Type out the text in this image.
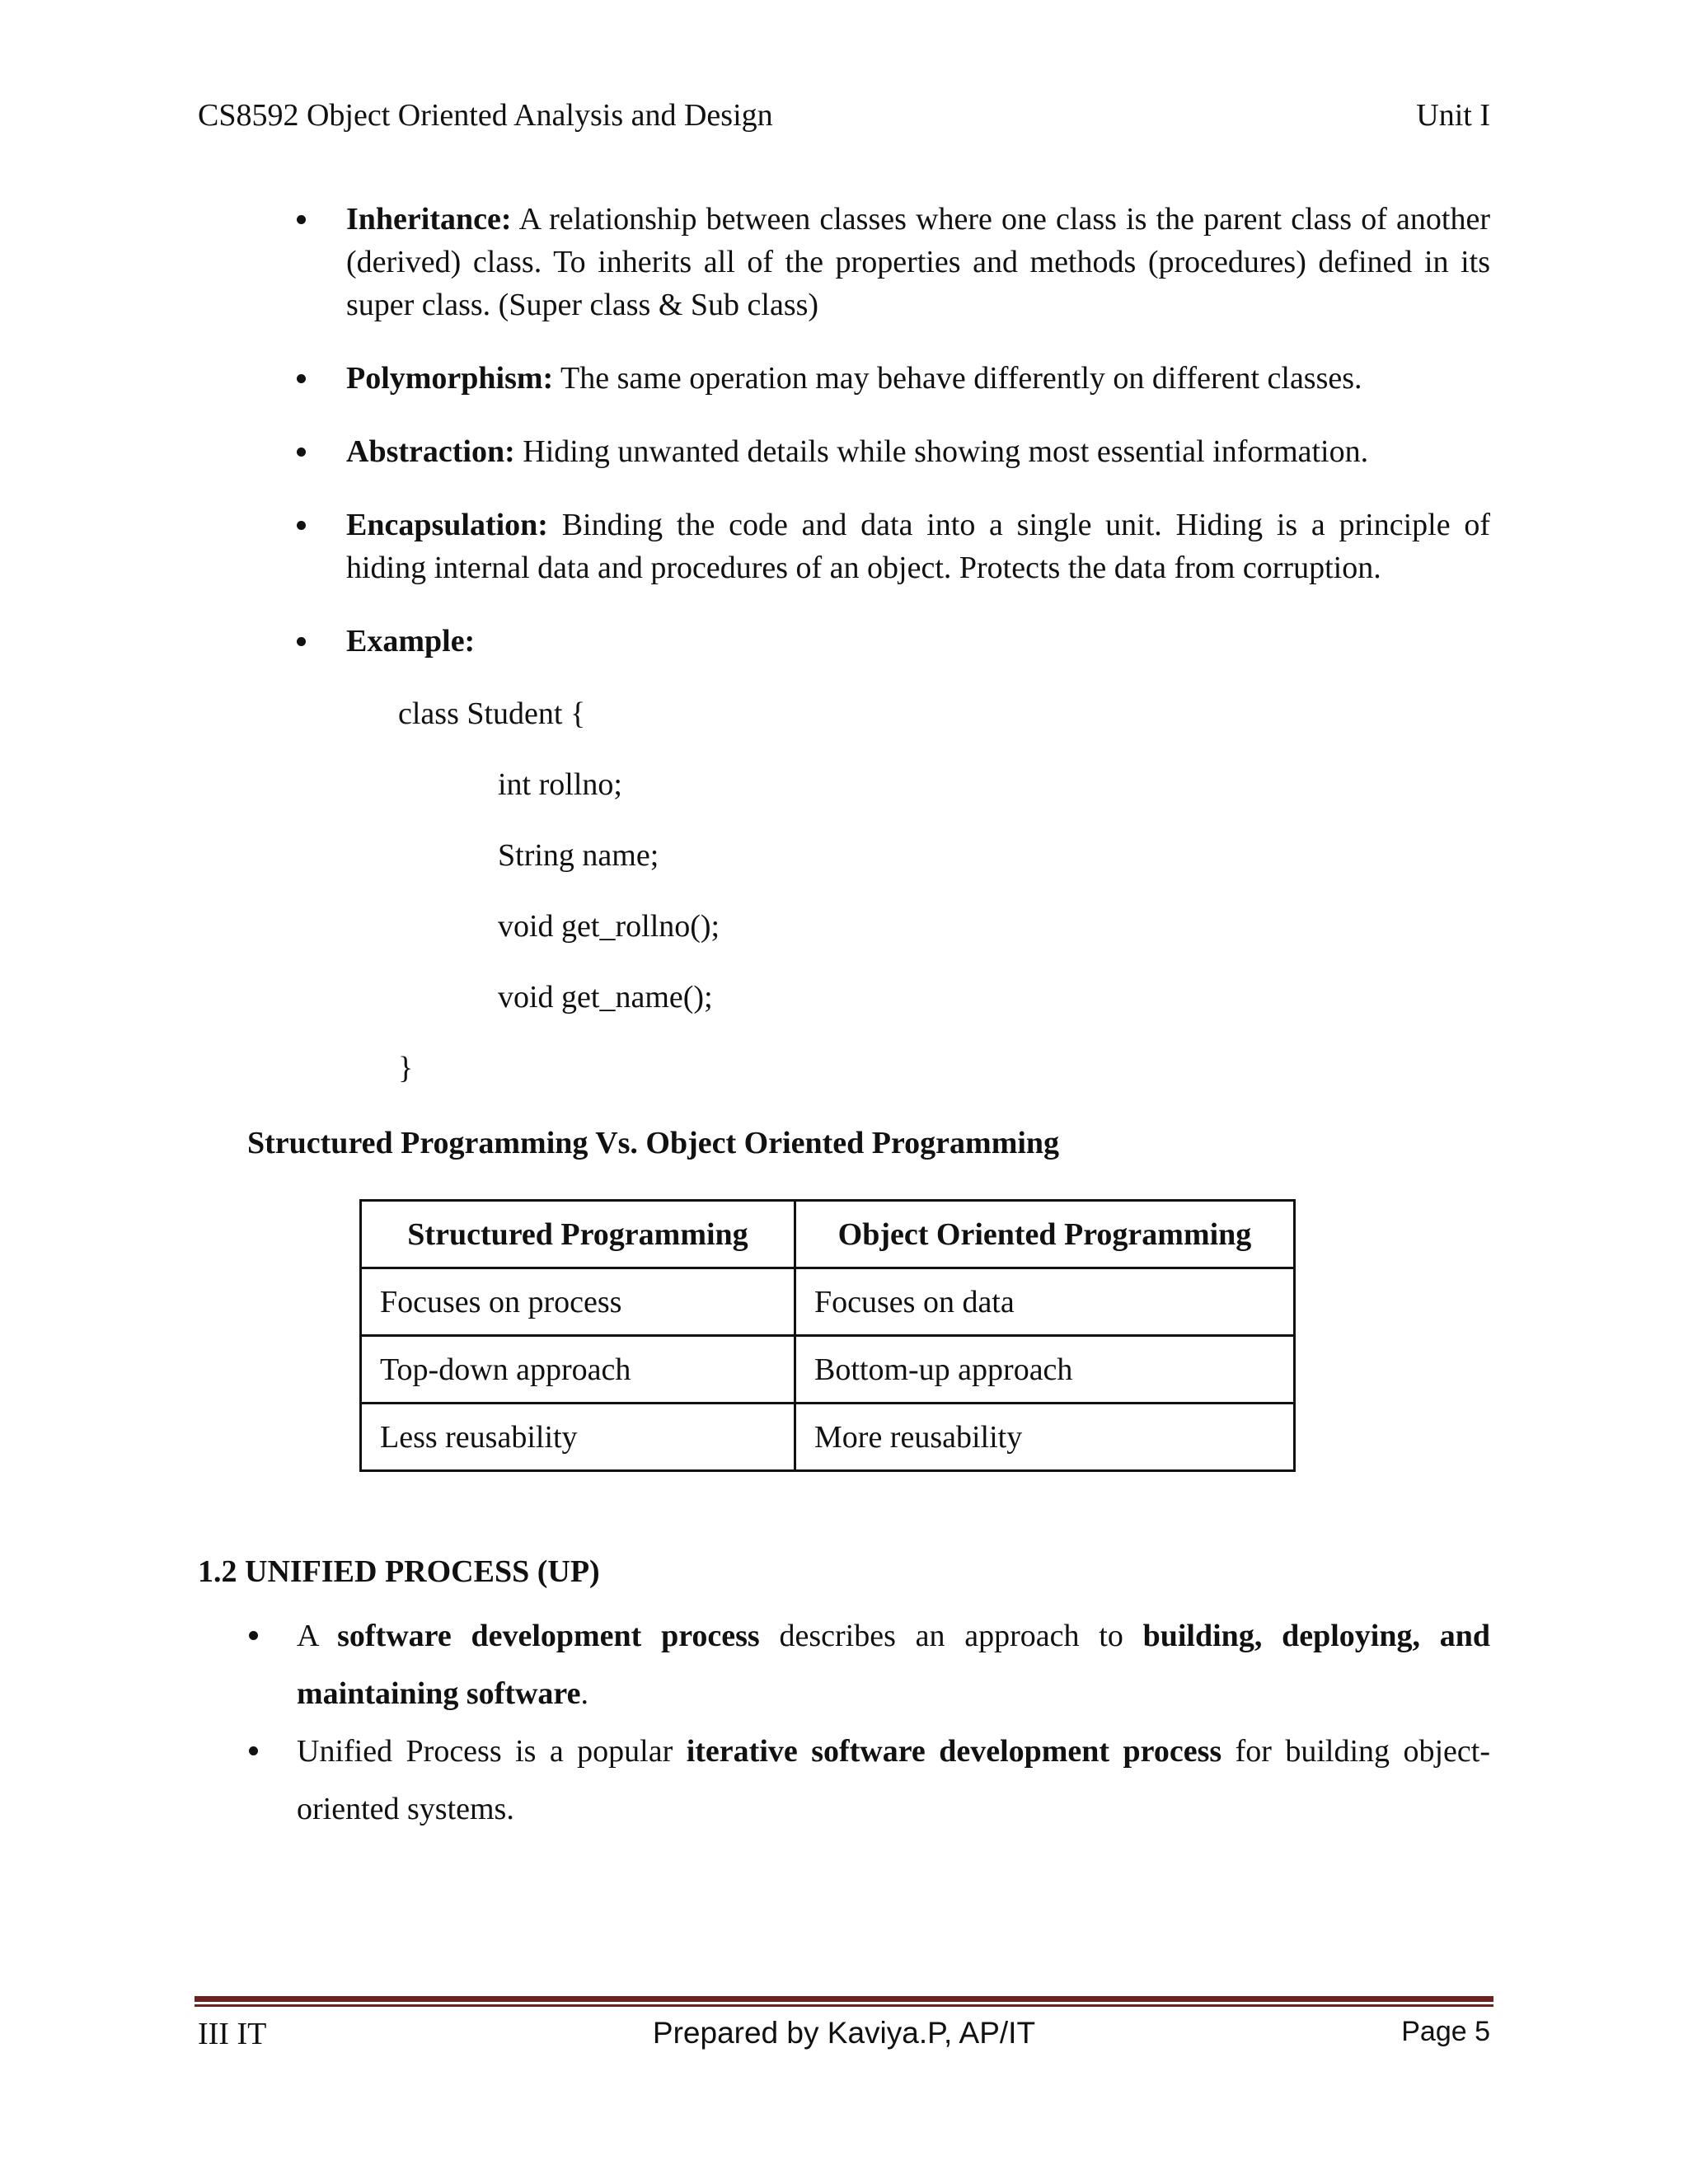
CS8592 Object Oriented Analysis and Design	Unit I
Inheritance: A relationship between classes where one class is the parent class of another (derived) class. To inherits all of the properties and methods (procedures) defined in its super class. (Super class & Sub class)
Polymorphism: The same operation may behave differently on different classes.
Abstraction: Hiding unwanted details while showing most essential information.
Encapsulation: Binding the code and data into a single unit. Hiding is a principle of hiding internal data and procedures of an object. Protects the data from corruption.
Example:
class Student {
int rollno;
String name;
void get_rollno();
void get_name();
}
Structured Programming Vs. Object Oriented Programming
Structured Programming	Object Oriented Programming
Focuses on process	Focuses on data
Top-down approach	Bottom-up approach
Less reusability	More reusability
1.2 UNIFIED PROCESS (UP)
A software development process describes an approach to building, deploying, and maintaining software.
Unified Process is a popular iterative software development process for building object-oriented systems.
III IT	Prepared by Kaviya.P, AP/IT	Page 5
